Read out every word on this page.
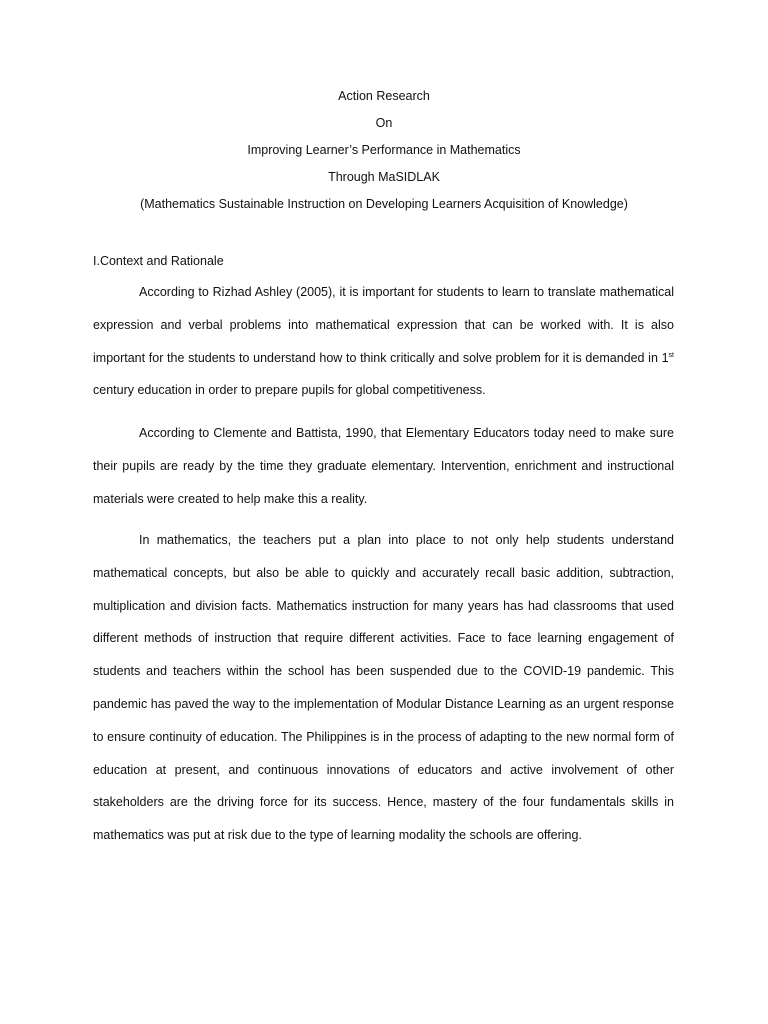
Action Research
On
Improving Learner’s Performance in Mathematics
Through MaSIDLAK
(Mathematics Sustainable Instruction on Developing Learners Acquisition of Knowledge)
I.Context and Rationale

According to Rizhad Ashley (2005), it is important for students to learn to translate mathematical expression and verbal problems into mathematical expression that can be worked with. It is also important for the students to understand how to think critically and solve problem for it is demanded in 1st century education in order to prepare pupils for global competitiveness.

According to Clemente and Battista, 1990, that Elementary Educators today need to make sure their pupils are ready by the time they graduate elementary. Intervention, enrichment and instructional materials were created to help make this a reality.

In mathematics, the teachers put a plan into place to not only help students understand mathematical concepts, but also be able to quickly and accurately recall basic addition, subtraction, multiplication and division facts. Mathematics instruction for many years has had classrooms that used different methods of instruction that require different activities. Face to face learning engagement of students and teachers within the school has been suspended due to the COVID-19 pandemic. This pandemic has paved the way to the implementation of Modular Distance Learning as an urgent response to ensure continuity of education. The Philippines is in the process of adapting to the new normal form of education at present, and continuous innovations of educators and active involvement of other stakeholders are the driving force for its success. Hence, mastery of the four fundamentals skills in mathematics was put at risk due to the type of learning modality the schools are offering.
